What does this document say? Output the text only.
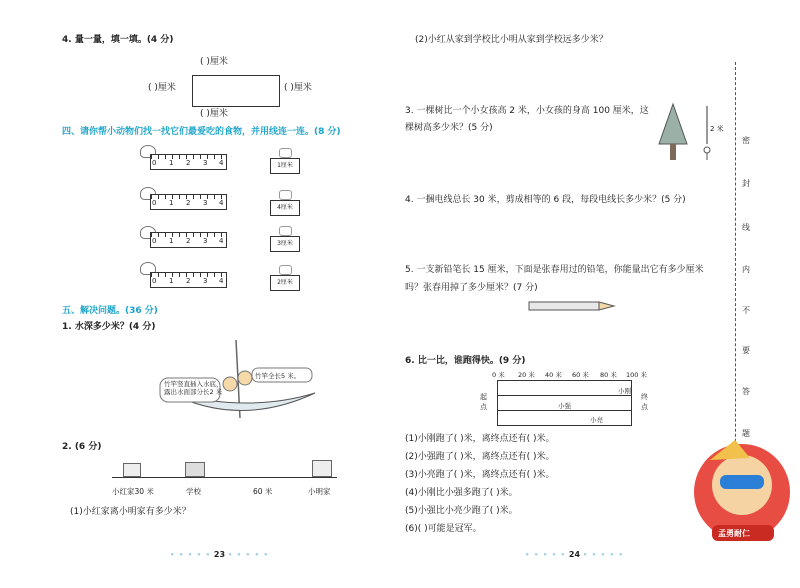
4. 量一量，填一填。(4 分)
( )厘米
( )厘米	( )厘米
( )厘米
四、请你帮小动物们找一找它们最爱吃的食物，并用线连一连。(8 分)
0 1 2 3 4
0 1 2 3 4
0 1 2 3 4
0 1 2 3 4
1厘米
4厘米
3厘米
2厘米
五、解决问题。(36 分)
1. 水深多少米？(4 分)
竹竿竖直插入水底，露出水面部分长2 米
竹竿全长5 米。
2. (6 分)
小红家30 米	学校	60 米	小明家
(1)小红家离小明家有多少米？
• • • • • 23 • • • • •
(2)小红从家到学校比小明从家到学校远多少米？
3. 一棵树比一个小女孩高 2 米，小女孩的身高 100 厘米，这
棵树高多少米？(5 分)	2 米
4. 一捆电线总长 30 米，剪成相等的 6 段，每段电线长多少米？(5 分)
5. 一支新铅笔长 15 厘米，下面是张春用过的铅笔，你能量出它有多少厘米
吗？张春用掉了多少厘米？(7 分)
6. 比一比，谁跑得快。(9 分)
0 米 20 米 40 米 60 米 80 米 100 米
小刚
小强
小亮
起点
终点
(1)小刚跑了( )米，离终点还有( )米。
(2)小强跑了( )米，离终点还有( )米。
(3)小亮跑了( )米，离终点还有( )米。
(4)小刚比小强多跑了( )米。
(5)小强比小亮少跑了( )米。
(6)( )可能是冠军。
• • • • • 24 • • • • •
密
封
线
内
不
要
答
题
孟勇耐仁
